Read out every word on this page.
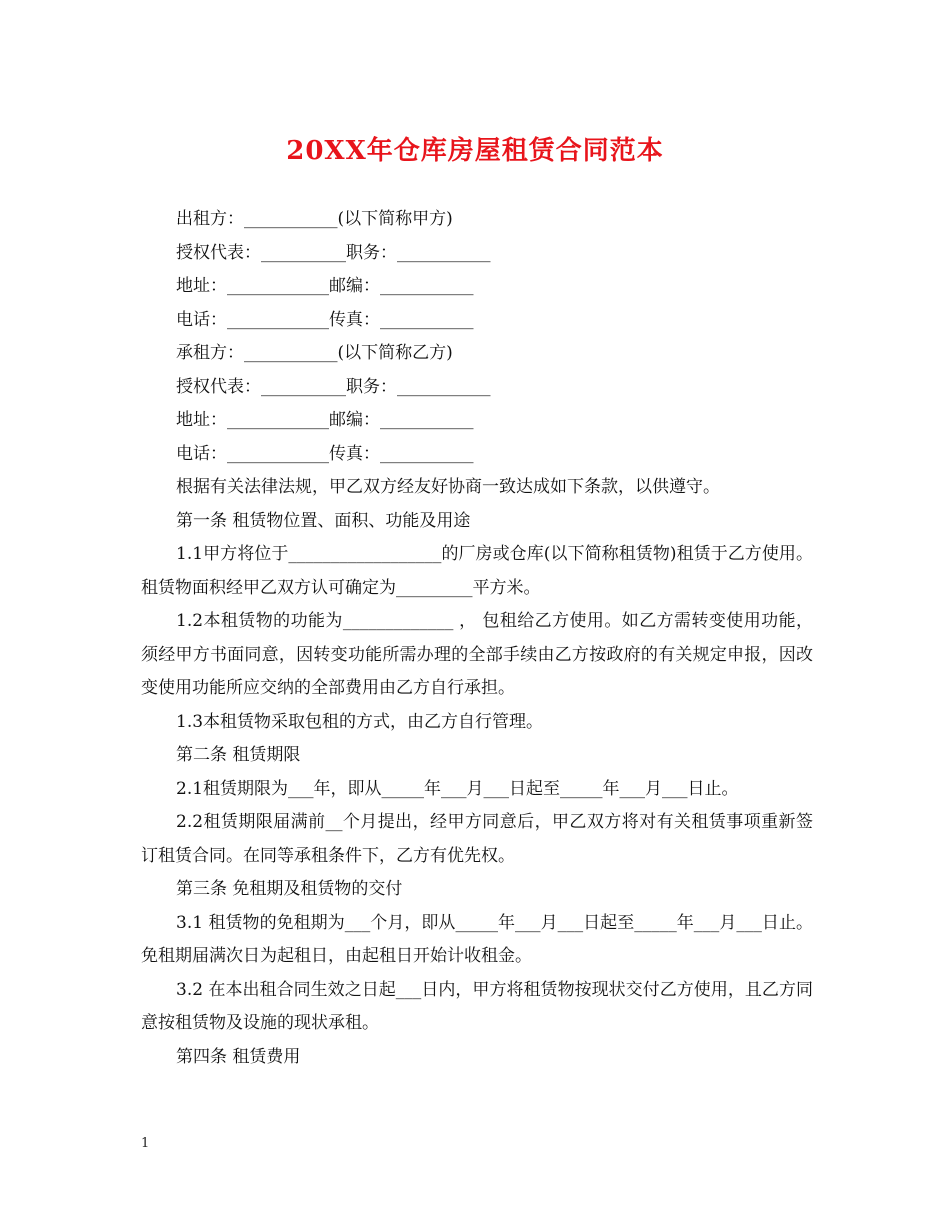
20XX年仓库房屋租赁合同范本

出租方：___________(以下简称甲方)

授权代表：__________职务：___________

地址：____________邮编：___________

电话：____________传真：___________

承租方：___________(以下简称乙方)

授权代表：__________职务：___________

地址：____________邮编：___________

电话：____________传真：___________

根据有关法律法规，甲乙双方经友好协商一致达成如下条款，以供遵守。

第一条 租赁物位置、面积、功能及用途

1.1甲方将位于__________________的厂房或仓库(以下简称租赁物)租赁于乙方使用。租赁物面积经甲乙双方认可确定为_________平方米。

1.2本租赁物的功能为_____________ ， 包租给乙方使用。如乙方需转变使用功能，须经甲方书面同意，因转变功能所需办理的全部手续由乙方按政府的有关规定申报，因改变使用功能所应交纳的全部费用由乙方自行承担。

1.3本租赁物采取包租的方式，由乙方自行管理。

第二条 租赁期限

2.1租赁期限为___年，即从_____年___月___日起至_____年___月___日止。

2.2租赁期限届满前__个月提出，经甲方同意后，甲乙双方将对有关租赁事项重新签订租赁合同。在同等承租条件下，乙方有优先权。

第三条 免租期及租赁物的交付

3.1 租赁物的免租期为___个月，即从_____年___月___日起至_____年___月___日止。免租期届满次日为起租日，由起租日开始计收租金。

3.2 在本出租合同生效之日起___日内，甲方将租赁物按现状交付乙方使用，且乙方同意按租赁物及设施的现状承租。

第四条 租赁费用

1
